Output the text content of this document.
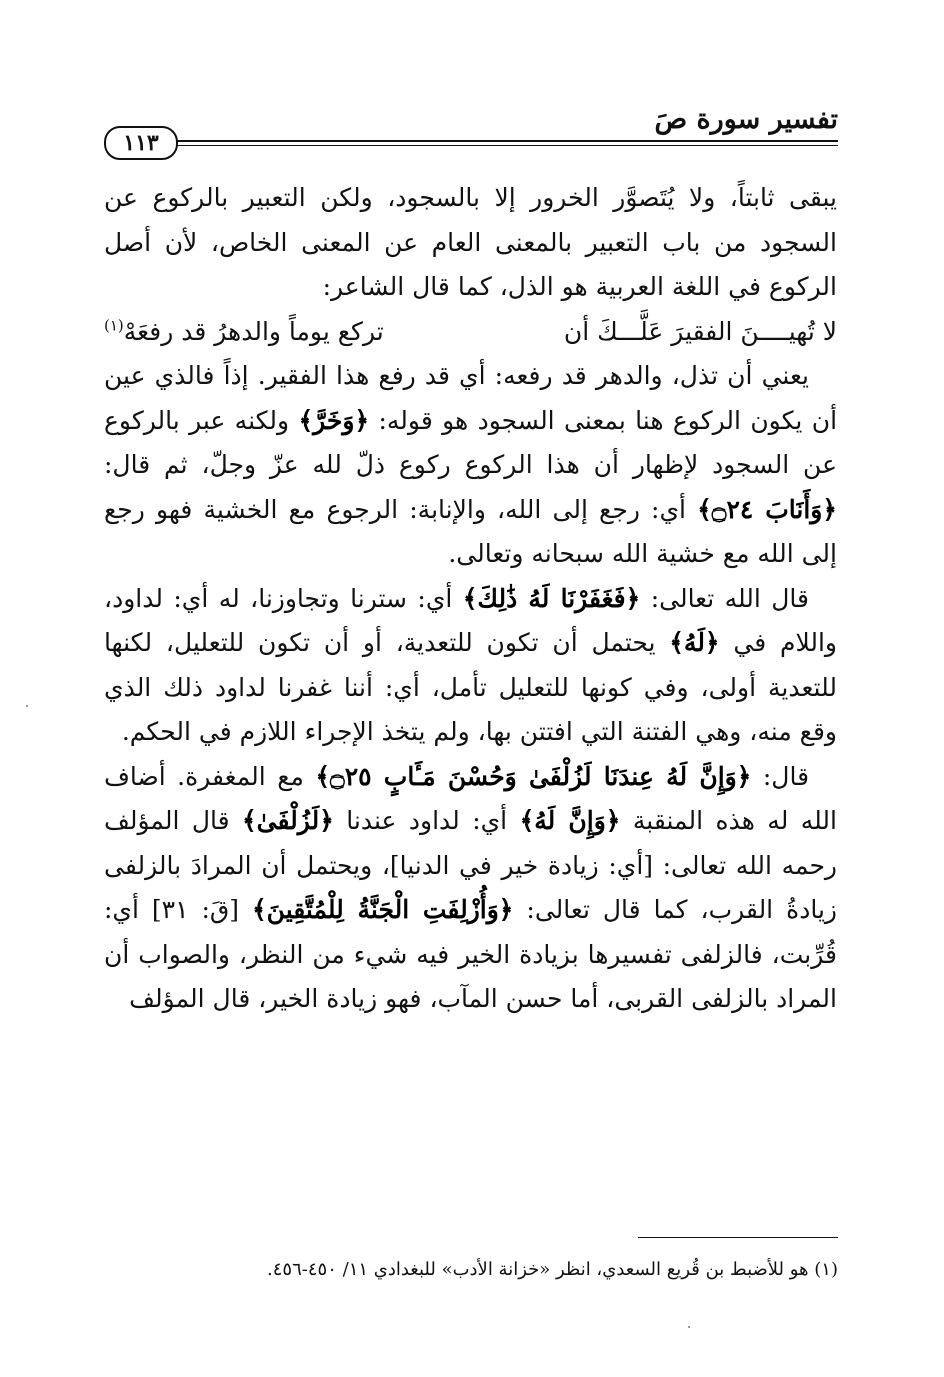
تفسير سورة صَ
١١٣

يبقى ثابتاً، ولا يُتَصوَّر الخرور إلا بالسجود، ولكن التعبير بالركوع عن السجود من باب التعبير بالمعنى العام عن المعنى الخاص، لأن أصل الركوع في اللغة العربية هو الذل، كما قال الشاعر:

لا تُهيــــنَ الفقيرَ عَلَّـــكَ أن
تركع يوماً والدهرُ قد رفعَهْ$^{(١)}$

يعني أن تذل، والدهر قد رفعه: أي قد رفع هذا الفقير. إذاً فالذي عين أن يكون الركوع هنا بمعنى السجود هو قوله: ﴿وَخَرَّ﴾ ولكنه عبر بالركوع عن السجود لإظهار أن هذا الركوع ركوع ذلّ لله عزّ وجلّ، ثم قال: ﴿وَأَنَابَ ۝٢٤﴾ أي: رجع إلى الله، والإنابة: الرجوع مع الخشية فهو رجع إلى الله مع خشية الله سبحانه وتعالى.

قال الله تعالى: ﴿فَغَفَرْنَا لَهُ ذَٰلِكَ﴾ أي: سترنا وتجاوزنا، له أي: لداود، واللام في ﴿لَهُ﴾ يحتمل أن تكون للتعدية، أو أن تكون للتعليل، لكنها للتعدية أولى، وفي كونها للتعليل تأمل، أي: أننا غفرنا لداود ذلك الذي وقع منه، وهي الفتنة التي افتتن بها، ولم يتخذ الإجراء اللازم في الحكم.

قال: ﴿وَإِنَّ لَهُ عِندَنَا لَزُلْفَىٰ وَحُسْنَ مَـَٔابٍ ۝٢٥﴾ مع المغفرة. أضاف الله له هذه المنقبة ﴿وَإِنَّ لَهُ﴾ أي: لداود عندنا ﴿لَزُلْفَىٰ﴾ قال المؤلف رحمه الله تعالى: [أي: زيادة خير في الدنيا]، ويحتمل أن المرادَ بالزلفى زيادةُ القرب، كما قال تعالى: ﴿وَأُزْلِفَتِ الْجَنَّةُ لِلْمُتَّقِينَ﴾ [قَ: ٣١] أي: قُرِّبت، فالزلفى تفسيرها بزيادة الخير فيه شيء من النظر، والصواب أن المراد بالزلفى القربى، أما حسن المآب، فهو زيادة الخير، قال المؤلف

(١) هو للأضبط بن قُريع السعدي، انظر «خزانة الأدب» للبغدادي ١١/ ٤٥٠-٤٥٦.
